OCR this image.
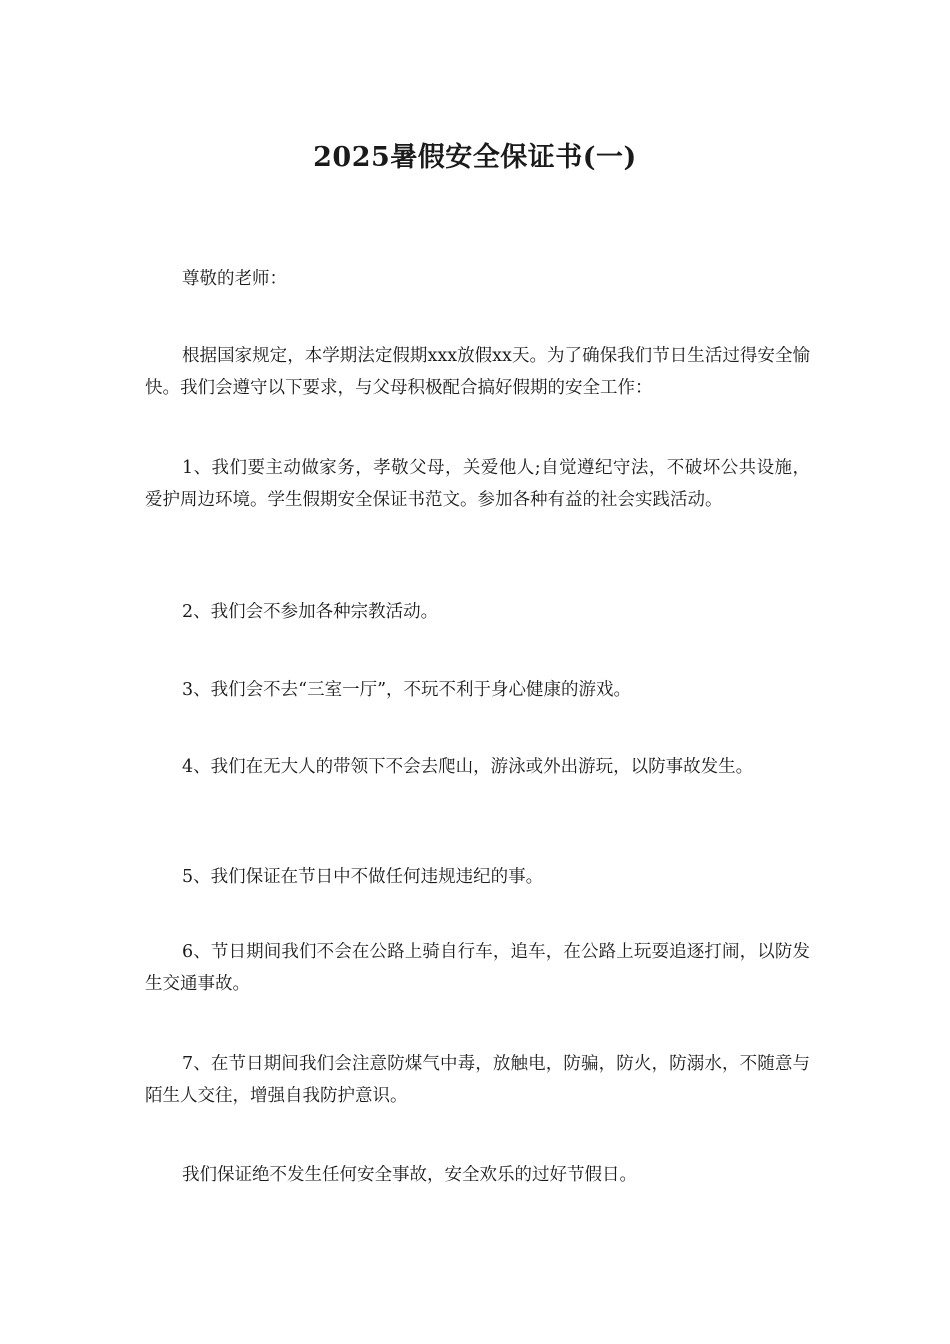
2025暑假安全保证书(一)

尊敬的老师：

根据国家规定，本学期法定假期xxx放假xx天。为了确保我们节日生活过得安全愉快。我们会遵守以下要求，与父母积极配合搞好假期的安全工作：

1、我们要主动做家务，孝敬父母，关爱他人;自觉遵纪守法，不破坏公共设施，爱护周边环境。学生假期安全保证书范文。参加各种有益的社会实践活动。

2、我们会不参加各种宗教活动。

3、我们会不去“三室一厅”，不玩不利于身心健康的游戏。

4、我们在无大人的带领下不会去爬山，游泳或外出游玩，以防事故发生。

5、我们保证在节日中不做任何违规违纪的事。

6、节日期间我们不会在公路上骑自行车，追车，在公路上玩耍追逐打闹，以防发生交通事故。

7、在节日期间我们会注意防煤气中毒，放触电，防骗，防火，防溺水，不随意与陌生人交往，增强自我防护意识。

我们保证绝不发生任何安全事故，安全欢乐的过好节假日。
